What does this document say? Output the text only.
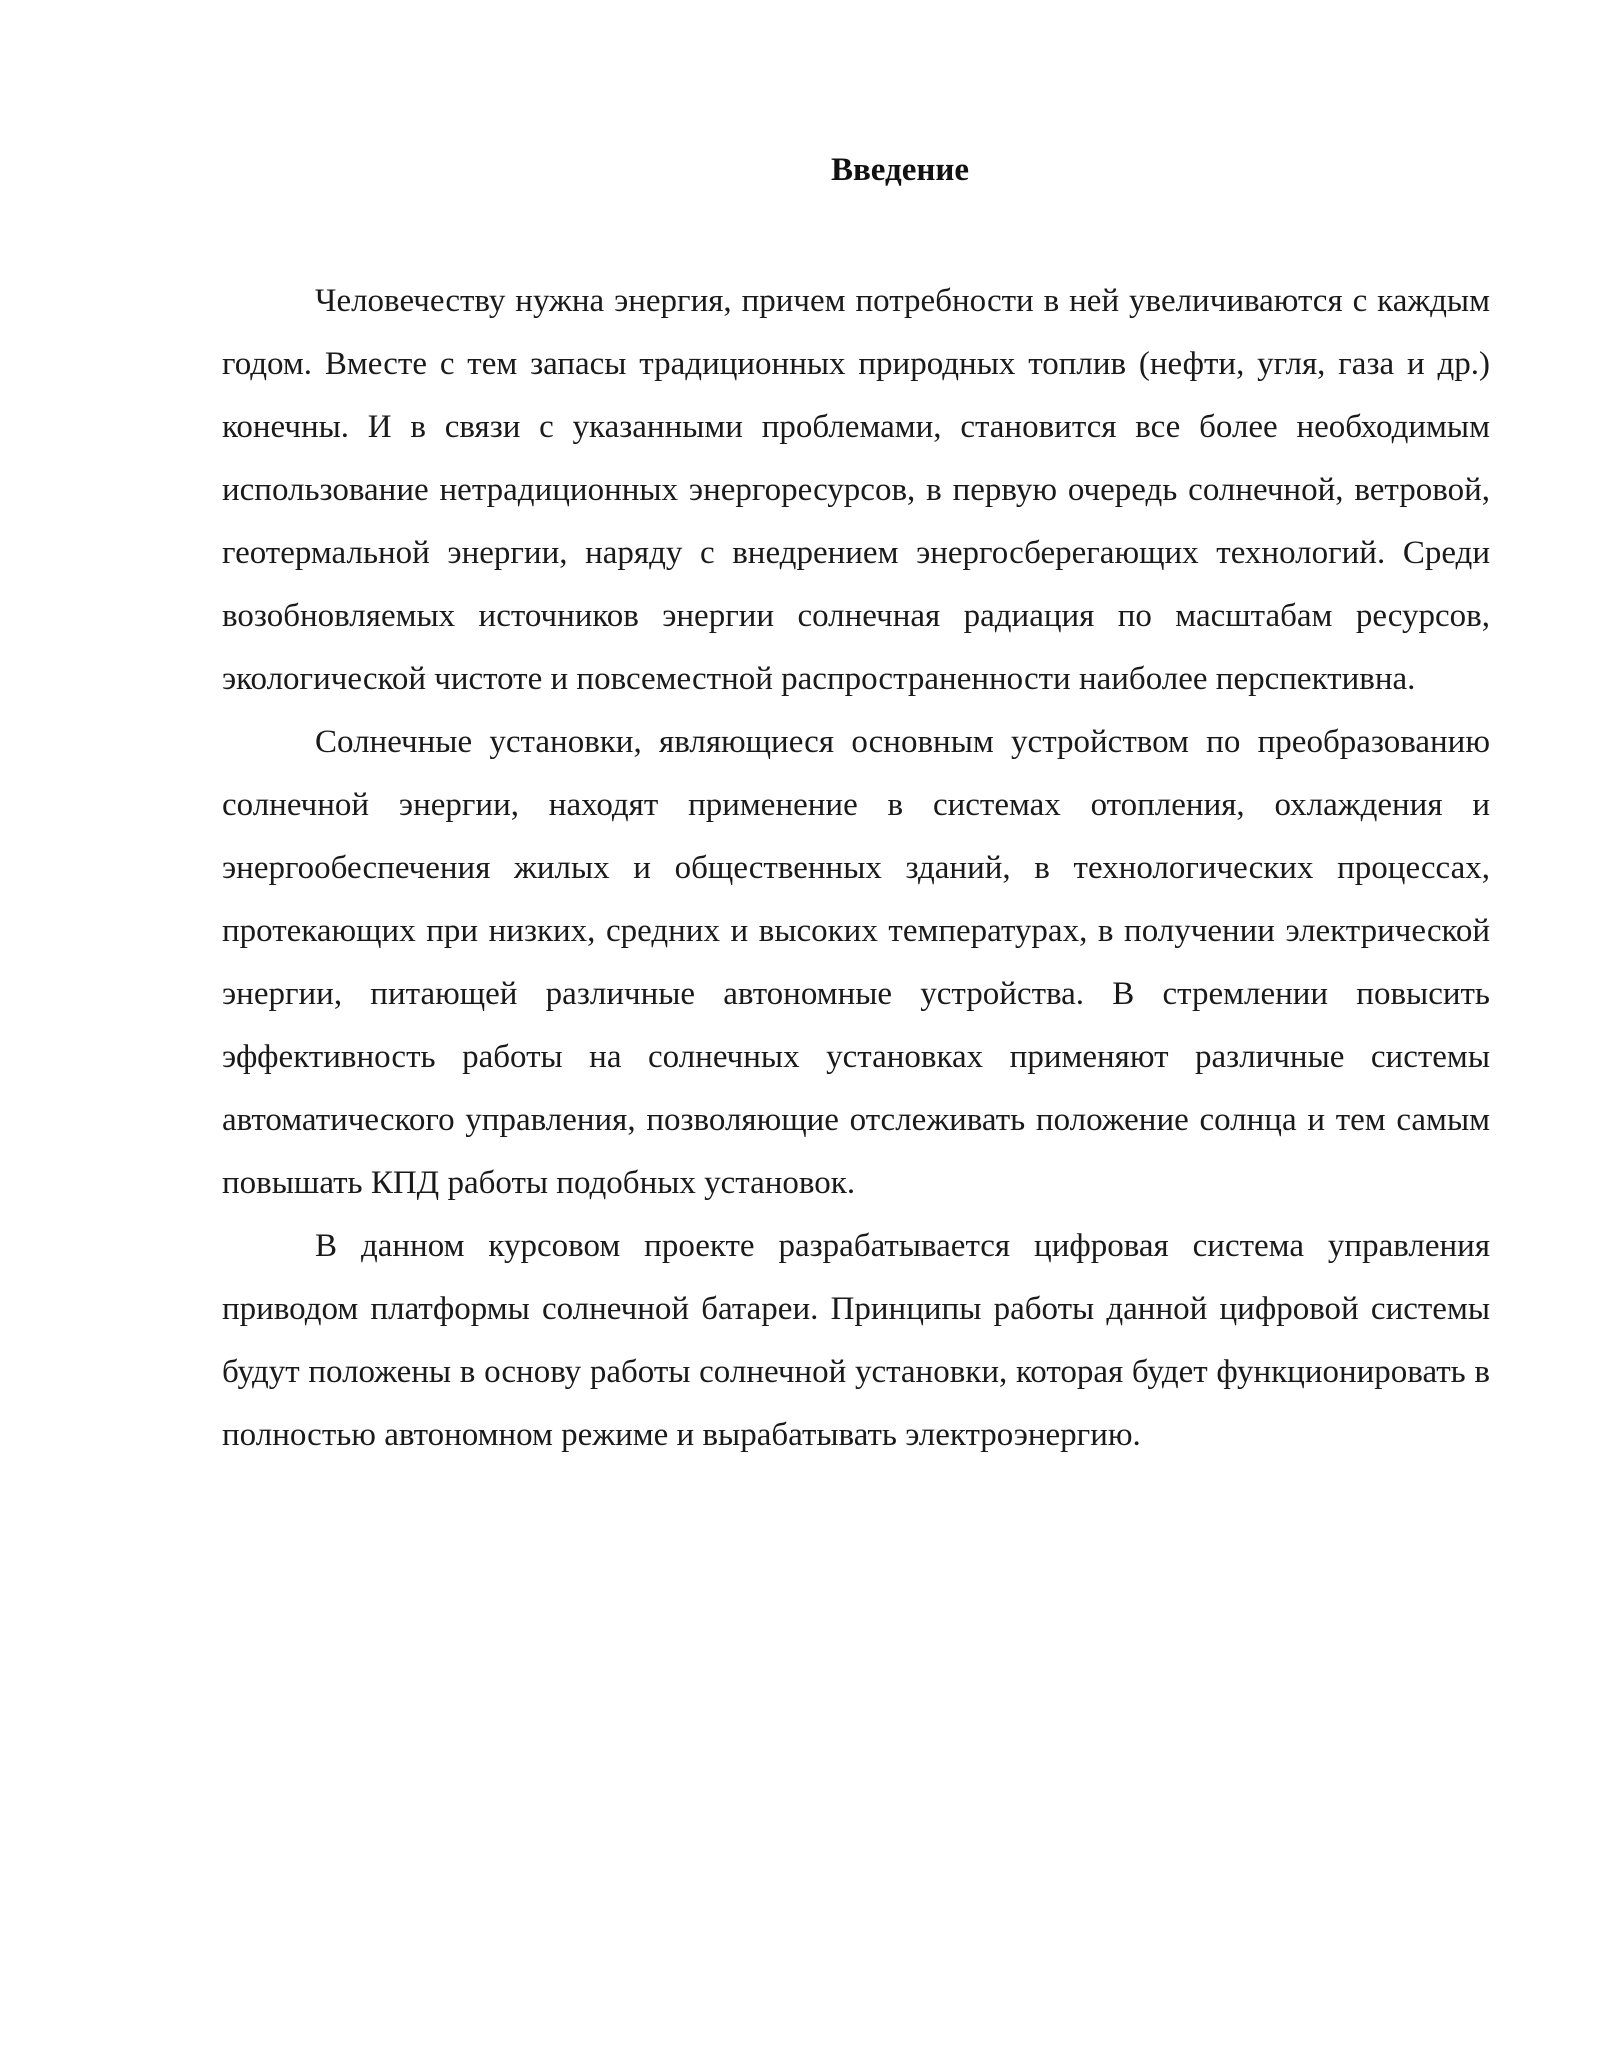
Введение

Человечеству нужна энергия, причем потребности в ней увеличиваются с каждым годом. Вместе с тем запасы традиционных природных топлив (нефти, угля, газа и др.) конечны. И в связи с указанными проблемами, становится все более необходимым использование нетрадиционных энергоресурсов, в первую очередь солнечной, ветровой, геотермальной энергии, наряду с внедрением энергосберегающих технологий. Среди возобновляемых источников энергии солнечная радиация по масштабам ресурсов, экологической чистоте и повсеместной распространенности наиболее перспективна.

Солнечные установки, являющиеся основным устройством по преобразованию солнечной энергии, находят применение в системах отопления, охлаждения и энергообеспечения жилых и общественных зданий, в технологических процессах, протекающих при низких, средних и высоких температурах, в получении электрической энергии, питающей различные автономные устройства. В стремлении повысить эффективность работы на солнечных установках применяют различные системы автоматического управления, позволяющие отслеживать положение солнца и тем самым повышать КПД работы подобных установок.

В данном курсовом проекте разрабатывается цифровая система управления приводом платформы солнечной батареи. Принципы работы данной цифровой системы будут положены в основу работы солнечной установки, которая будет функционировать в полностью автономном режиме и вырабатывать электроэнергию.
